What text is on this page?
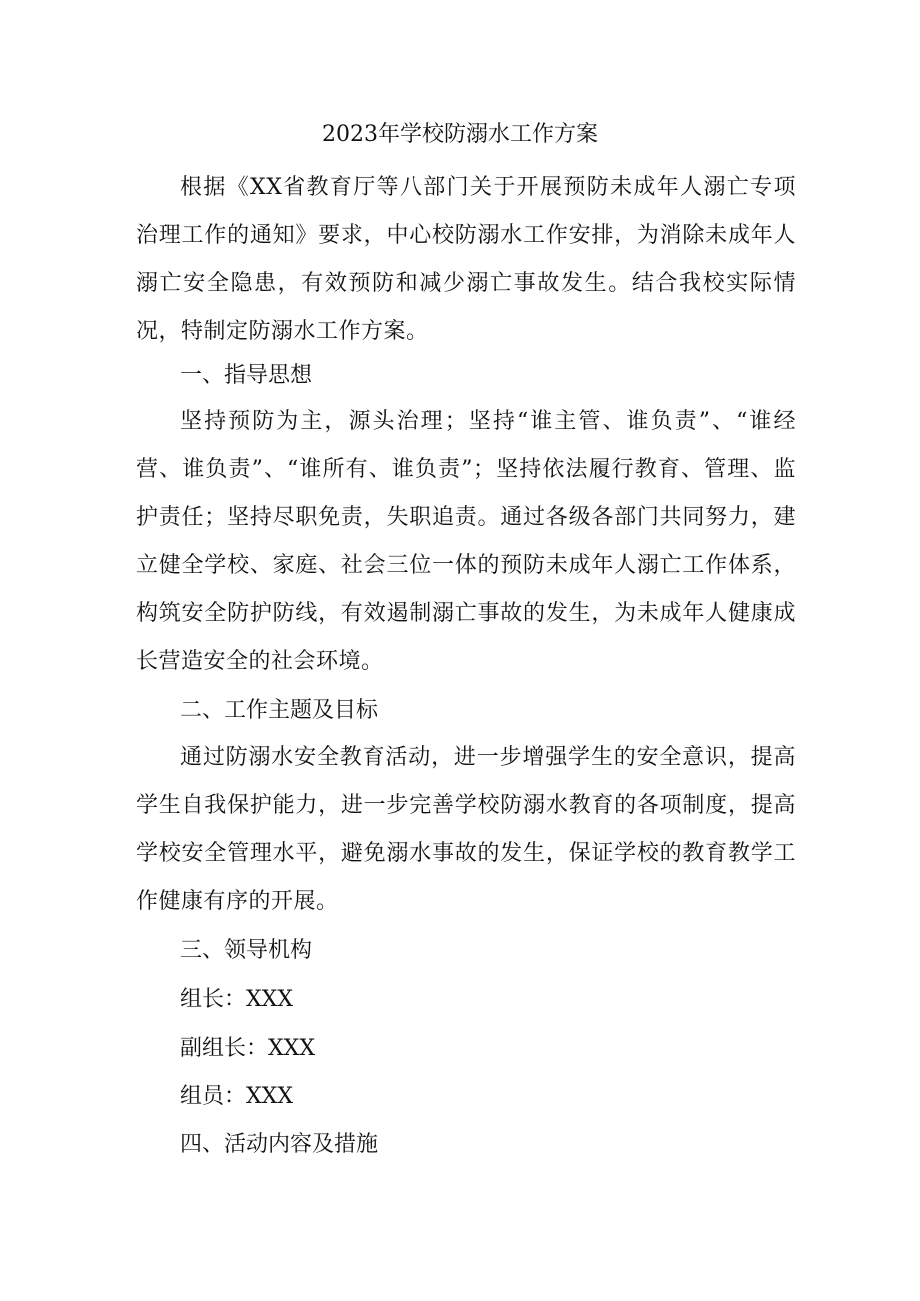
2023年学校防溺水工作方案

根据《XX省教育厅等八部门关于开展预防未成年人溺亡专项治理工作的通知》要求，中心校防溺水工作安排，为消除未成年人溺亡安全隐患，有效预防和减少溺亡事故发生。结合我校实际情况，特制定防溺水工作方案。

一、指导思想

坚持预防为主，源头治理；坚持“谁主管、谁负责”、“谁经营、谁负责”、“谁所有、谁负责”；坚持依法履行教育、管理、监护责任；坚持尽职免责，失职追责。通过各级各部门共同努力，建立健全学校、家庭、社会三位一体的预防未成年人溺亡工作体系，构筑安全防护防线，有效遏制溺亡事故的发生，为未成年人健康成长营造安全的社会环境。

二、工作主题及目标

通过防溺水安全教育活动，进一步增强学生的安全意识，提高学生自我保护能力，进一步完善学校防溺水教育的各项制度，提高学校安全管理水平，避免溺水事故的发生，保证学校的教育教学工作健康有序的开展。

三、领导机构
组长：XXX
副组长：XXX
组员：XXX
四、活动内容及措施
